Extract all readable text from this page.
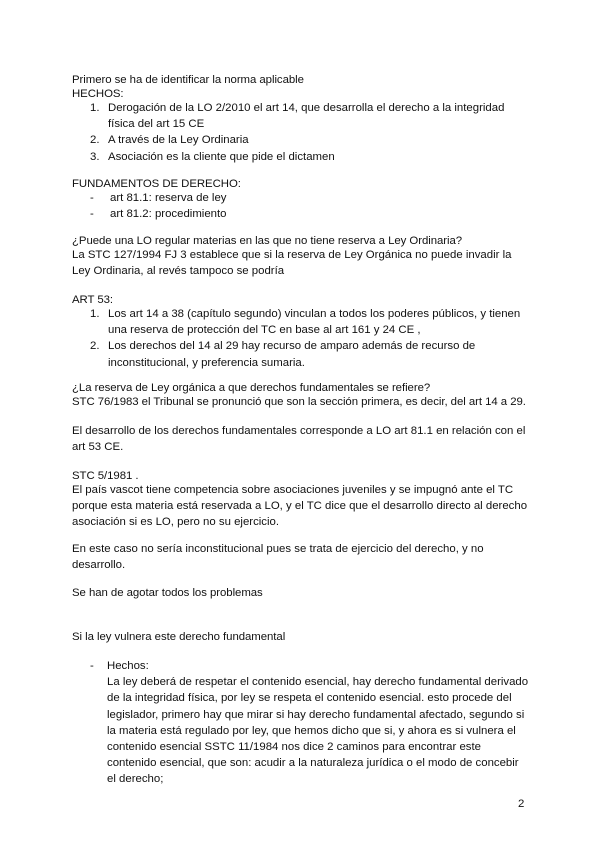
Primero se ha de identificar la norma aplicable
HECHOS:
1. Derogación de la LO 2/2010 el art 14, que desarrolla el derecho a la integridad física del art 15 CE
2. A través de la Ley Ordinaria
3. Asociación es la cliente que pide el dictamen
FUNDAMENTOS DE DERECHO:
- art 81.1: reserva de ley
- art 81.2: procedimiento
¿Puede una LO regular materias en las que no tiene reserva a Ley Ordinaria?
La STC 127/1994 FJ 3 establece que si la reserva de Ley Orgánica no puede invadir la Ley Ordinaria, al revés tampoco se podría
ART 53:
1. Los art 14 a 38 (capítulo segundo) vinculan a todos los poderes públicos, y tienen una reserva de protección del TC en base al art 161 y 24 CE ,
2. Los derechos del 14 al 29 hay recurso de amparo además de recurso de inconstitucional, y preferencia sumaria.
¿La reserva de Ley orgánica a que derechos fundamentales se refiere?
STC 76/1983 el Tribunal se pronunció que son la sección primera, es decir, del art 14 a 29.
El desarrollo de los derechos fundamentales corresponde a LO art 81.1 en relación con el art 53 CE.
STC 5/1981 .
El país vascot tiene competencia sobre asociaciones juveniles y se impugnó ante el TC porque esta materia está reservada a LO, y el TC dice que el desarrollo directo al derecho asociación si es LO, pero no su ejercicio.
En este caso no sería inconstitucional pues se trata de ejercicio del derecho, y no desarrollo.
Se han de agotar todos los problemas
Si la ley vulnera este derecho fundamental
- Hechos:
La ley deberá de respetar el contenido esencial, hay derecho fundamental derivado de la integridad física, por ley se respeta el contenido esencial. esto procede del legislador, primero hay que mirar si hay derecho fundamental afectado, segundo si la materia está regulado por ley, que hemos dicho que si, y ahora es si vulnera el contenido esencial SSTC 11/1984 nos dice 2 caminos para encontrar este contenido esencial, que son: acudir a la naturaleza jurídica o el modo de concebir el derecho;
2
